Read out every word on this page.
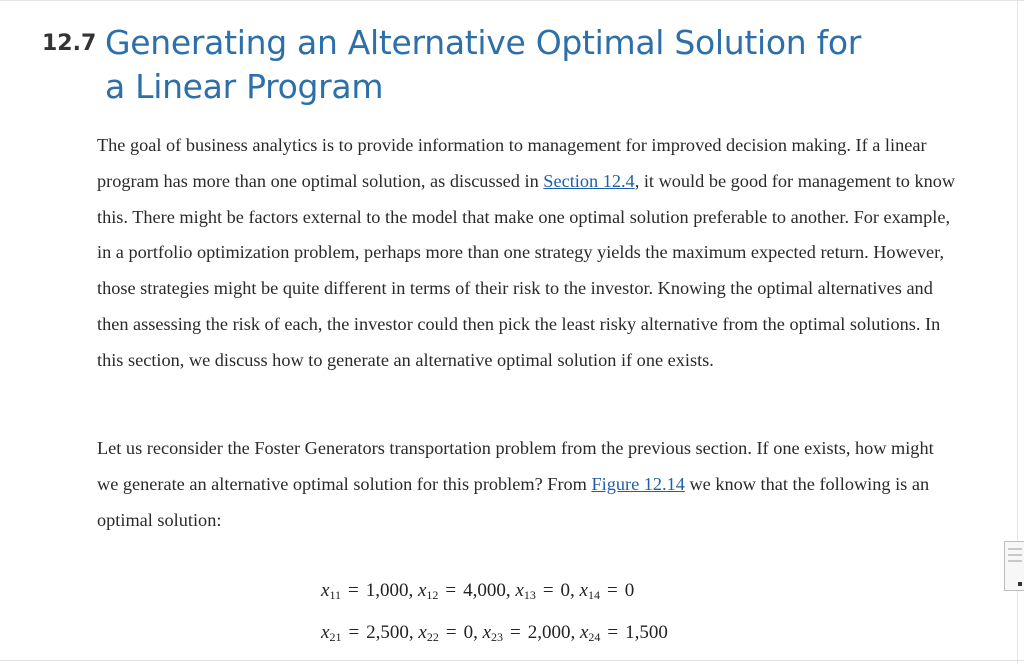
12.7 Generating an Alternative Optimal Solution for a Linear Program

The goal of business analytics is to provide information to management for improved decision making. If a linear program has more than one optimal solution, as discussed in Section 12.4, it would be good for management to know this. There might be factors external to the model that make one optimal solution preferable to another. For example, in a portfolio optimization problem, perhaps more than one strategy yields the maximum expected return. However, those strategies might be quite different in terms of their risk to the investor. Knowing the optimal alternatives and then assessing the risk of each, the investor could then pick the least risky alternative from the optimal solutions. In this section, we discuss how to generate an alternative optimal solution if one exists.

Let us reconsider the Foster Generators transportation problem from the previous section. If one exists, how might we generate an alternative optimal solution for this problem? From Figure 12.14 we know that the following is an optimal solution:

$x_{11} = 1,000$, $x_{12} = 4,000$, $x_{13} = 0$, $x_{14} = 0$
$x_{21} = 2,500$, $x_{22} = 0$, $x_{23} = 2,000$, $x_{24} = 1,500$
